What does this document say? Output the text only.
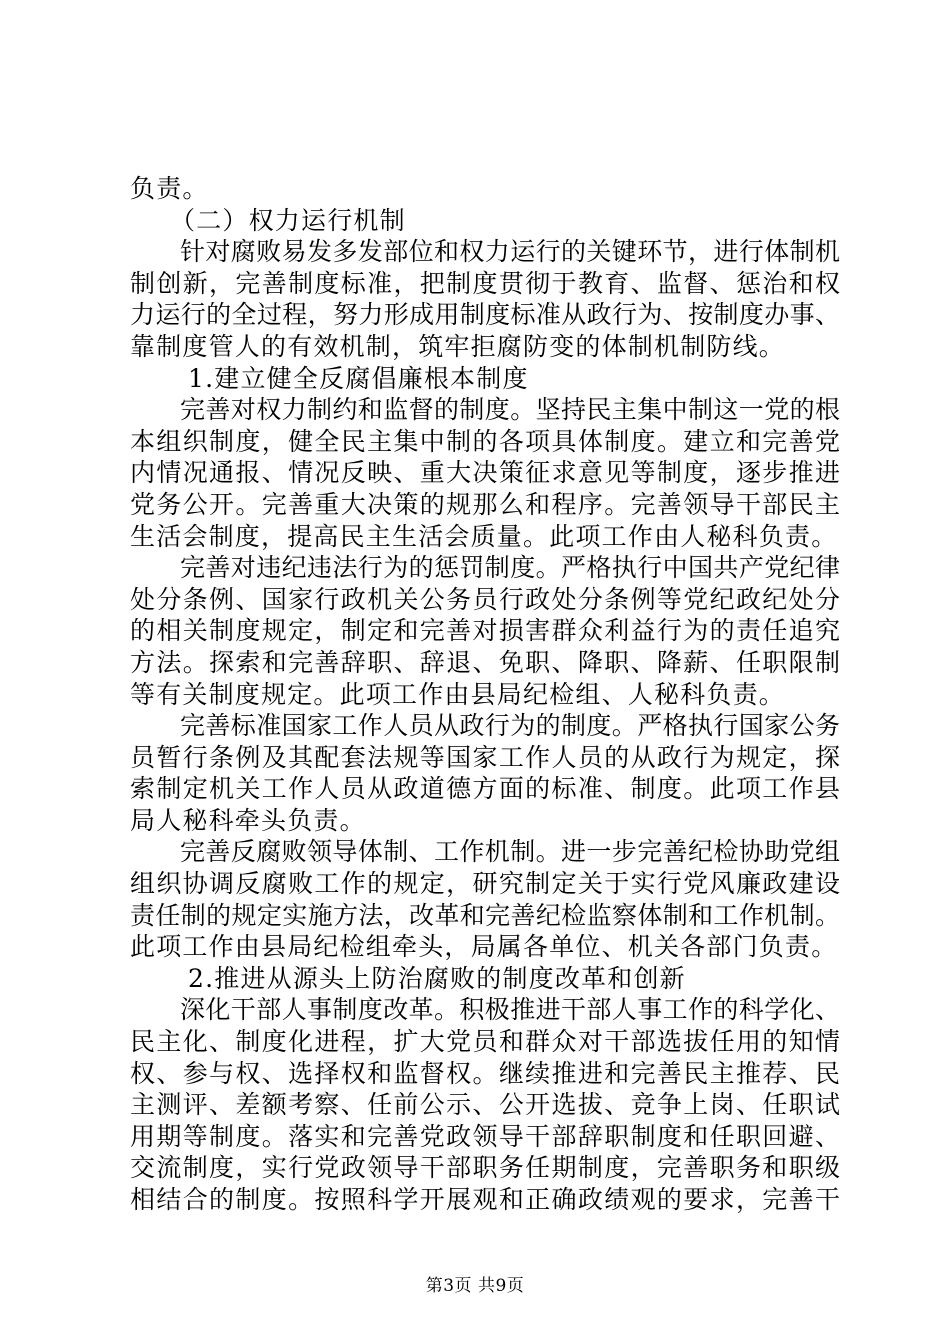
负责。
（二）权力运行机制
针对腐败易发多发部位和权力运行的关键环节，进行体制机
制创新，完善制度标准，把制度贯彻于教育、监督、惩治和权
力运行的全过程，努力形成用制度标准从政行为、按制度办事、
靠制度管人的有效机制，筑牢拒腐防变的体制机制防线。
1.建立健全反腐倡廉根本制度
完善对权力制约和监督的制度。坚持民主集中制这一党的根
本组织制度，健全民主集中制的各项具体制度。建立和完善党
内情况通报、情况反映、重大决策征求意见等制度，逐步推进
党务公开。完善重大决策的规那么和程序。完善领导干部民主
生活会制度，提高民主生活会质量。此项工作由人秘科负责。
完善对违纪违法行为的惩罚制度。严格执行中国共产党纪律
处分条例、国家行政机关公务员行政处分条例等党纪政纪处分
的相关制度规定，制定和完善对损害群众利益行为的责任追究
方法。探索和完善辞职、辞退、免职、降职、降薪、任职限制
等有关制度规定。此项工作由县局纪检组、人秘科负责。
完善标准国家工作人员从政行为的制度。严格执行国家公务
员暂行条例及其配套法规等国家工作人员的从政行为规定，探
索制定机关工作人员从政道德方面的标准、制度。此项工作县
局人秘科牵头负责。
完善反腐败领导体制、工作机制。进一步完善纪检协助党组
组织协调反腐败工作的规定，研究制定关于实行党风廉政建设
责任制的规定实施方法，改革和完善纪检监察体制和工作机制。
此项工作由县局纪检组牵头，局属各单位、机关各部门负责。
2.推进从源头上防治腐败的制度改革和创新
深化干部人事制度改革。积极推进干部人事工作的科学化、
民主化、制度化进程，扩大党员和群众对干部选拔任用的知情
权、参与权、选择权和监督权。继续推进和完善民主推荐、民
主测评、差额考察、任前公示、公开选拔、竞争上岗、任职试
用期等制度。落实和完善党政领导干部辞职制度和任职回避、
交流制度，实行党政领导干部职务任期制度，完善职务和职级
相结合的制度。按照科学开展观和正确政绩观的要求，完善干
第3页 共9页
